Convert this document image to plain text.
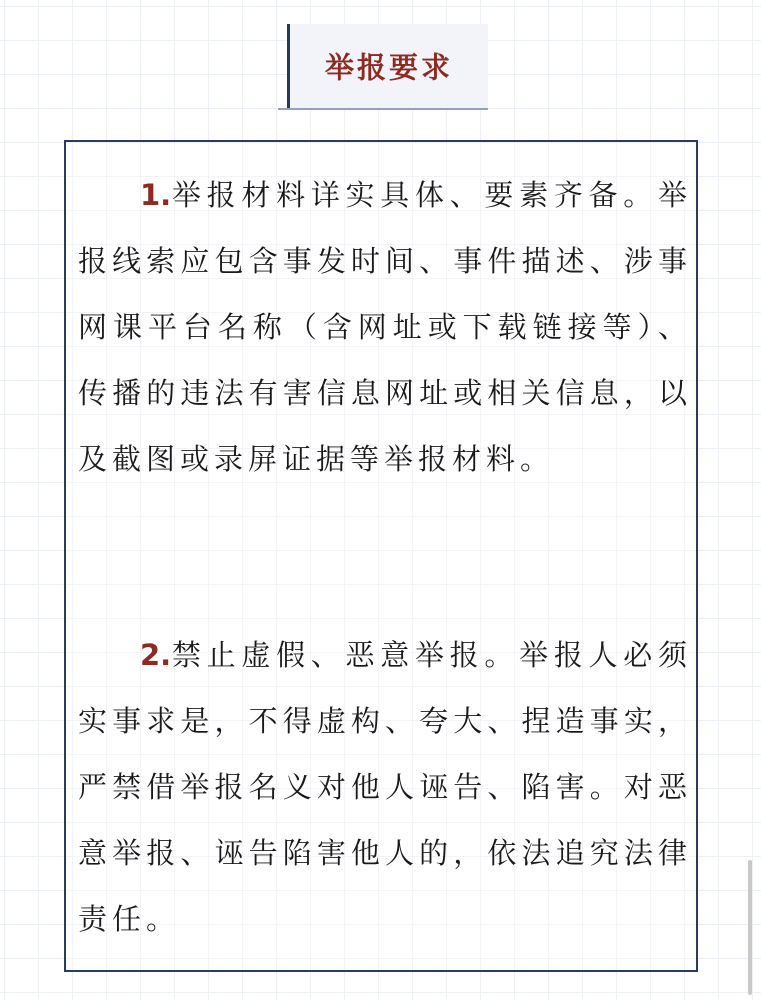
举报要求

1.举报材料详实具体、要素齐备。举报线索应包含事发时间、事件描述、涉事网课平台名称（含网址或下载链接等）、传播的违法有害信息网址或相关信息，以及截图或录屏证据等举报材料。

2.禁止虚假、恶意举报。举报人必须实事求是，不得虚构、夸大、捏造事实，严禁借举报名义对他人诬告、陷害。对恶意举报、诬告陷害他人的，依法追究法律责任。
